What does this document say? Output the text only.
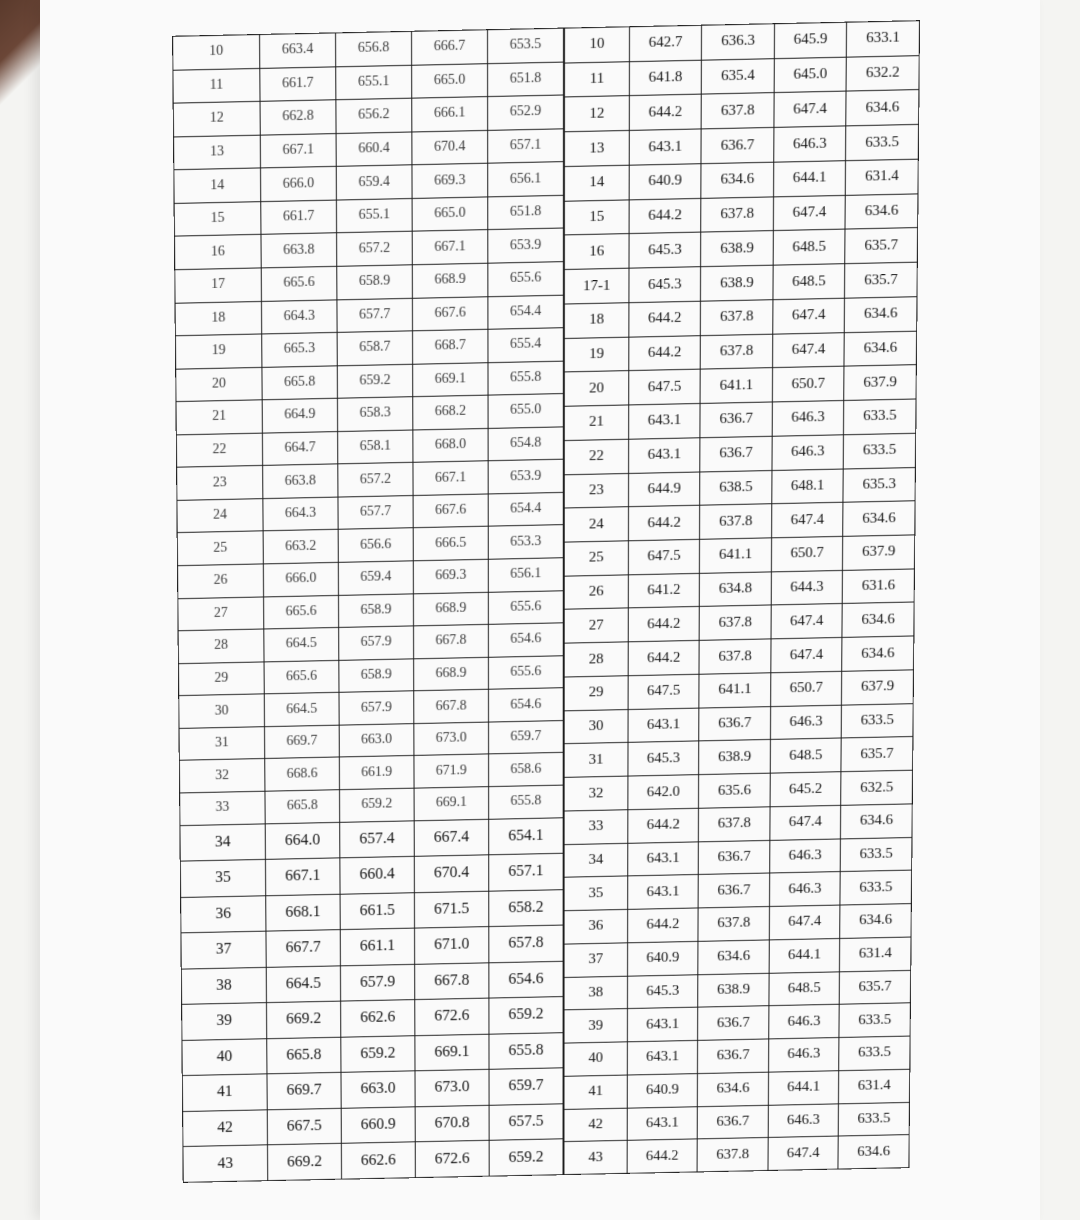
10	663.4	656.8	666.7	653.5
11	661.7	655.1	665.0	651.8
12	662.8	656.2	666.1	652.9
13	667.1	660.4	670.4	657.1
14	666.0	659.4	669.3	656.1
15	661.7	655.1	665.0	651.8
16	663.8	657.2	667.1	653.9
17	665.6	658.9	668.9	655.6
18	664.3	657.7	667.6	654.4
19	665.3	658.7	668.7	655.4
20	665.8	659.2	669.1	655.8
21	664.9	658.3	668.2	655.0
22	664.7	658.1	668.0	654.8
23	663.8	657.2	667.1	653.9
24	664.3	657.7	667.6	654.4
25	663.2	656.6	666.5	653.3
26	666.0	659.4	669.3	656.1
27	665.6	658.9	668.9	655.6
28	664.5	657.9	667.8	654.6
29	665.6	658.9	668.9	655.6
30	664.5	657.9	667.8	654.6
31	669.7	663.0	673.0	659.7
32	668.6	661.9	671.9	658.6
33	665.8	659.2	669.1	655.8
34	664.0	657.4	667.4	654.1
35	667.1	660.4	670.4	657.1
36	668.1	661.5	671.5	658.2
37	667.7	661.1	671.0	657.8
38	664.5	657.9	667.8	654.6
39	669.2	662.6	672.6	659.2
40	665.8	659.2	669.1	655.8
41	669.7	663.0	673.0	659.7
42	667.5	660.9	670.8	657.5
43	669.2	662.6	672.6	659.2
10	642.7	636.3	645.9	633.1
11	641.8	635.4	645.0	632.2
12	644.2	637.8	647.4	634.6
13	643.1	636.7	646.3	633.5
14	640.9	634.6	644.1	631.4
15	644.2	637.8	647.4	634.6
16	645.3	638.9	648.5	635.7
17-1	645.3	638.9	648.5	635.7
18	644.2	637.8	647.4	634.6
19	644.2	637.8	647.4	634.6
20	647.5	641.1	650.7	637.9
21	643.1	636.7	646.3	633.5
22	643.1	636.7	646.3	633.5
23	644.9	638.5	648.1	635.3
24	644.2	637.8	647.4	634.6
25	647.5	641.1	650.7	637.9
26	641.2	634.8	644.3	631.6
27	644.2	637.8	647.4	634.6
28	644.2	637.8	647.4	634.6
29	647.5	641.1	650.7	637.9
30	643.1	636.7	646.3	633.5
31	645.3	638.9	648.5	635.7
32	642.0	635.6	645.2	632.5
33	644.2	637.8	647.4	634.6
34	643.1	636.7	646.3	633.5
35	643.1	636.7	646.3	633.5
36	644.2	637.8	647.4	634.6
37	640.9	634.6	644.1	631.4
38	645.3	638.9	648.5	635.7
39	643.1	636.7	646.3	633.5
40	643.1	636.7	646.3	633.5
41	640.9	634.6	644.1	631.4
42	643.1	636.7	646.3	633.5
43	644.2	637.8	647.4	634.6
